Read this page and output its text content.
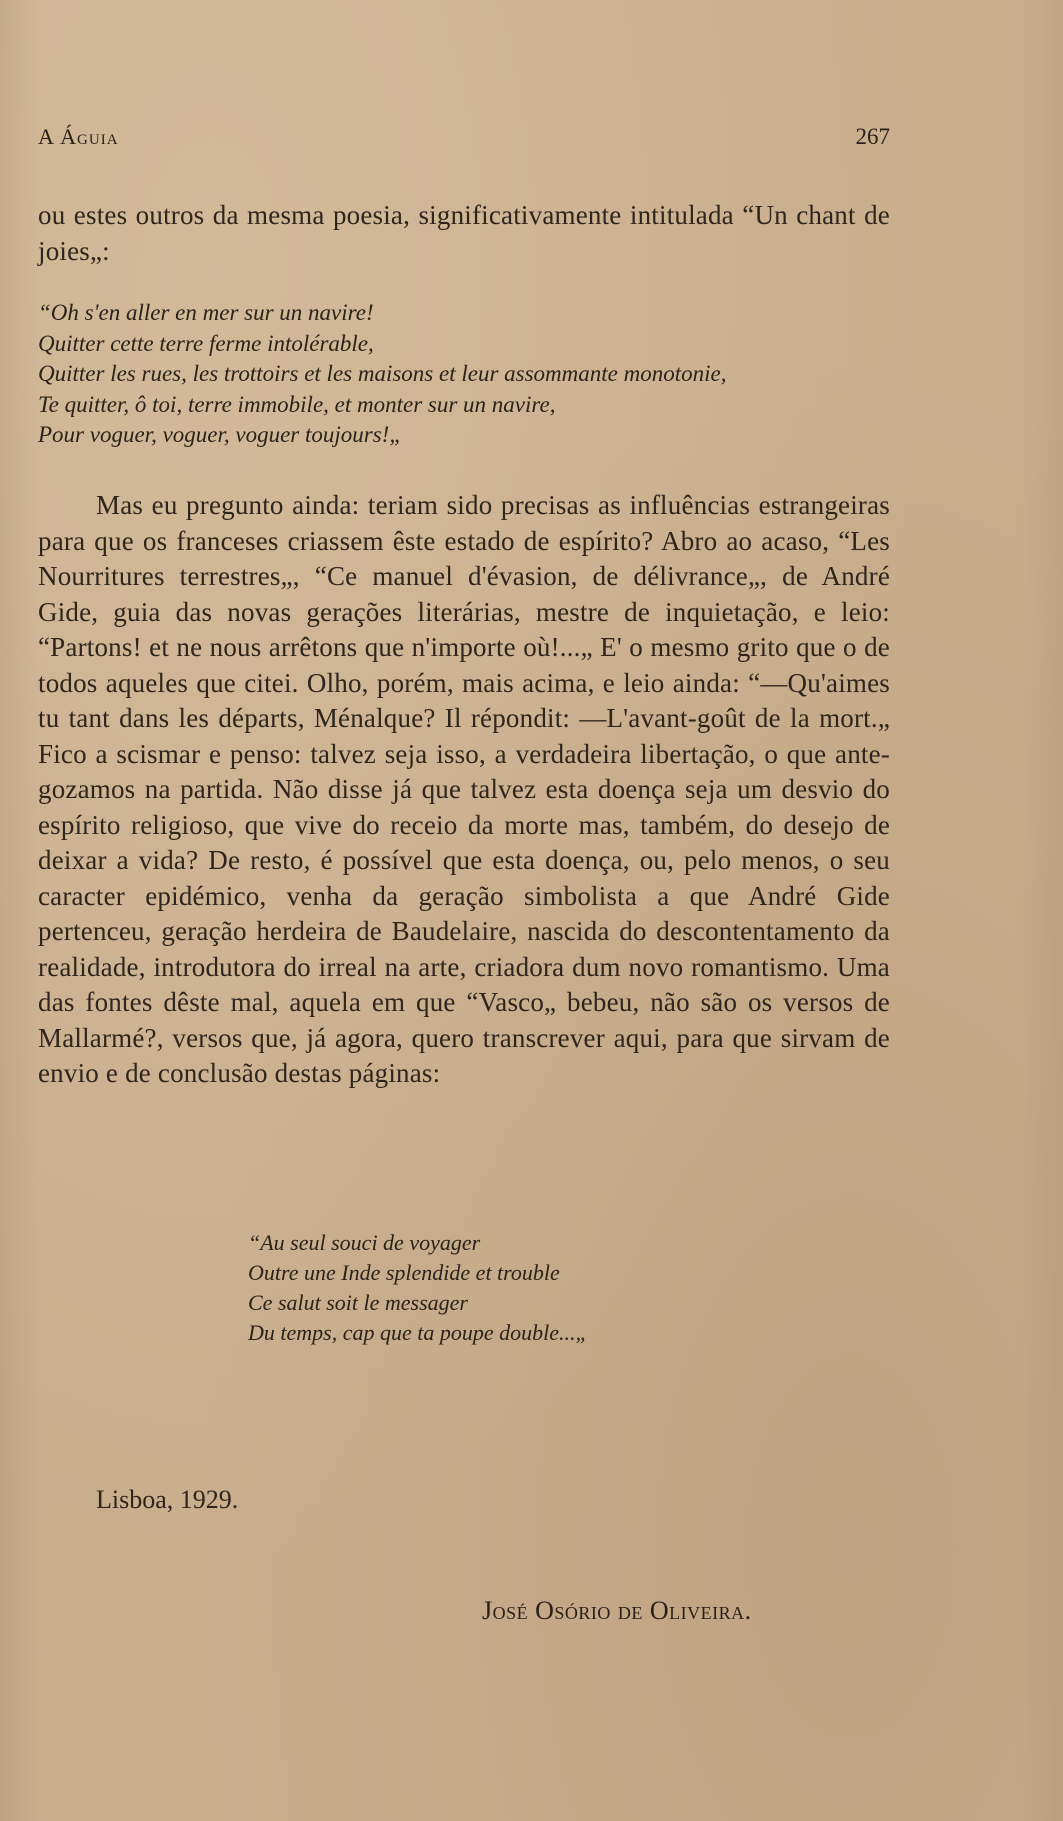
A Águia	267
ou estes outros da mesma poesia, significativamente intitulada “Un chant de joies„:
“Oh s'en aller en mer sur un navire!
Quitter cette terre ferme intolérable,
Quitter les rues, les trottoirs et les maisons et leur assommante monotonie,
Te quitter, ô toi, terre immobile, et monter sur un navire,
Pour voguer, voguer, voguer toujours!„
Mas eu pregunto ainda: teriam sido precisas as influências estrangeiras para que os franceses criassem êste estado de espírito? Abro ao acaso, “Les Nourritures terrestres„, “Ce manuel d'évasion, de délivrance„, de André Gide, guia das novas gerações literárias, mestre de inquietação, e leio: “Partons! et ne nous arrêtons que n'importe où!...„ E' o mesmo grito que o de todos aqueles que citei. Olho, porém, mais acima, e leio ainda: “—Qu'aimes tu tant dans les départs, Ménalque? Il répondit: —L'avant-goût de la mort.„ Fico a scismar e penso: talvez seja isso, a verdadeira libertação, o que ante-gozamos na partida. Não disse já que talvez esta doença seja um desvio do espírito religioso, que vive do receio da morte mas, também, do desejo de deixar a vida? De resto, é possível que esta doença, ou, pelo menos, o seu caracter epidémico, venha da geração simbolista a que André Gide pertenceu, geração herdeira de Baudelaire, nascida do descontentamento da realidade, introdutora do irreal na arte, criadora dum novo romantismo. Uma das fontes dêste mal, aquela em que “Vasco„ bebeu, não são os versos de Mallarmé?, versos que, já agora, quero transcrever aqui, para que sirvam de envio e de conclusão destas páginas:
“Au seul souci de voyager
Outre une Inde splendide et trouble
Ce salut soit le messager
Du temps, cap que ta poupe double...„
Lisboa, 1929.
José Osório de Oliveira.
